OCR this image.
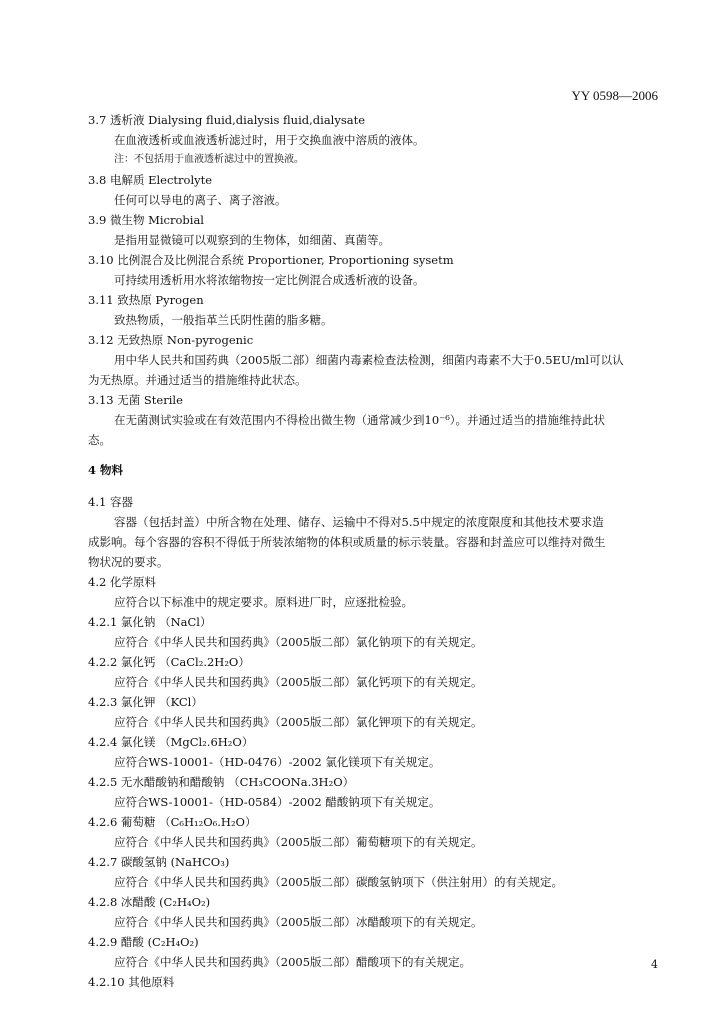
YY 0598—2006
3.7 透析液 Dialysing fluid,dialysis fluid,dialysate
在血液透析或血液透析滤过时，用于交换血液中溶质的液体。
注：不包括用于血液透析滤过中的置换液。
3.8 电解质 Electrolyte
任何可以导电的离子、离子溶液。
3.9 微生物 Microbial
是指用显微镜可以观察到的生物体，如细菌、真菌等。
3.10 比例混合及比例混合系统 Proportioner, Proportioning sysetm
可持续用透析用水将浓缩物按一定比例混合成透析液的设备。
3.11 致热原 Pyrogen
致热物质，一般指革兰氏阴性菌的脂多糖。
3.12 无致热原 Non-pyrogenic
用中华人民共和国药典（2005版二部）细菌内毒素检查法检测，细菌内毒素不大于0.5EU/ml可以认
为无热原。并通过适当的措施维持此状态。
3.13 无菌 Sterile
在无菌测试实验或在有效范围内不得检出微生物（通常减少到10⁻⁶）。并通过适当的措施维持此状
态。
4 物料
4.1 容器
容器（包括封盖）中所含物在处理、储存、运输中不得对5.5中规定的浓度限度和其他技术要求造
成影响。每个容器的容积不得低于所装浓缩物的体积或质量的标示装量。容器和封盖应可以维持对微生
物状况的要求。
4.2 化学原料
应符合以下标准中的规定要求。原料进厂时，应逐批检验。
4.2.1 氯化钠 （NaCl）
应符合《中华人民共和国药典》（2005版二部）氯化钠项下的有关规定。
4.2.2 氯化钙 （CaCl₂.2H₂O）
应符合《中华人民共和国药典》（2005版二部）氯化钙项下的有关规定。
4.2.3 氯化钾 （KCl）
应符合《中华人民共和国药典》（2005版二部）氯化钾项下的有关规定。
4.2.4 氯化镁 （MgCl₂.6H₂O）
应符合WS-10001-（HD-0476）-2002 氯化镁项下有关规定。
4.2.5 无水醋酸钠和醋酸钠 （CH₃COONa.3H₂O）
应符合WS-10001-（HD-0584）-2002 醋酸钠项下有关规定。
4.2.6 葡萄糖 （C₆H₁₂O₆.H₂O）
应符合《中华人民共和国药典》（2005版二部）葡萄糖项下的有关规定。
4.2.7 碳酸氢钠 (NaHCO₃)
应符合《中华人民共和国药典》（2005版二部）碳酸氢钠项下（供注射用）的有关规定。
4.2.8 冰醋酸 (C₂H₄O₂)
应符合《中华人民共和国药典》（2005版二部）冰醋酸项下的有关规定。
4.2.9 醋酸 (C₂H₄O₂)
应符合《中华人民共和国药典》（2005版二部）醋酸项下的有关规定。
4.2.10 其他原料
4
